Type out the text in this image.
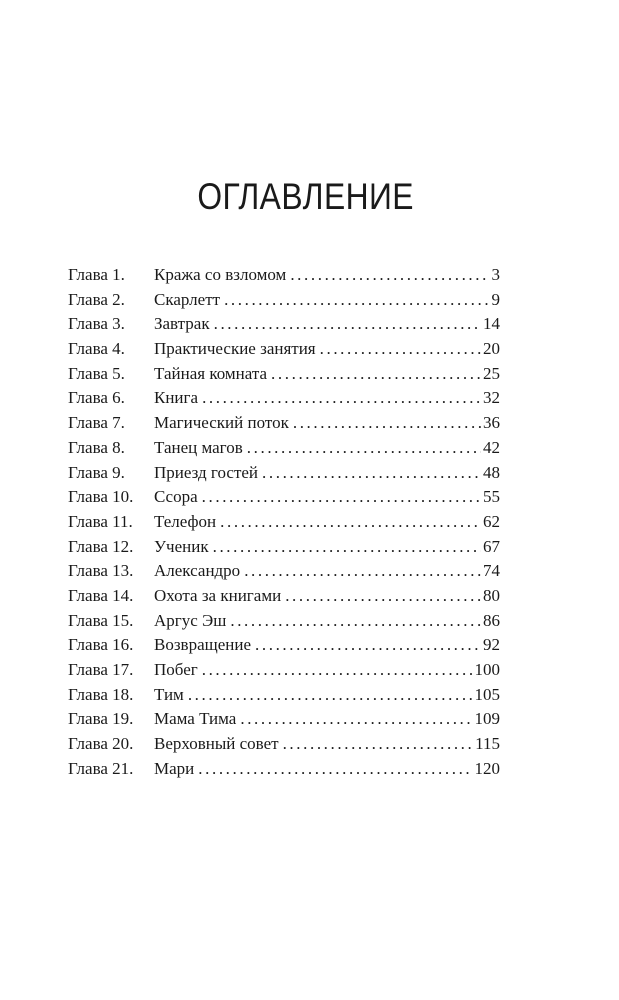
ОГЛАВЛЕНИЕ
Глава 1.	Кража со взломом .....	3
Глава 2.	Скарлетт .....	9
Глава 3.	Завтрак .....	14
Глава 4.	Практические занятия .....	20
Глава 5.	Тайная комната .....	25
Глава 6.	Книга .....	32
Глава 7.	Магический поток .....	36
Глава 8.	Танец магов .....	42
Глава 9.	Приезд гостей .....	48
Глава 10.	Ссора .....	55
Глава 11.	Телефон .....	62
Глава 12.	Ученик .....	67
Глава 13.	Александро .....	74
Глава 14.	Охота за книгами .....	80
Глава 15.	Аргус Эш .....	86
Глава 16.	Возвращение .....	92
Глава 17.	Побег .....	100
Глава 18.	Тим .....	105
Глава 19.	Мама Тима .....	109
Глава 20.	Верховный совет .....	115
Глава 21.	Мари .....	120
